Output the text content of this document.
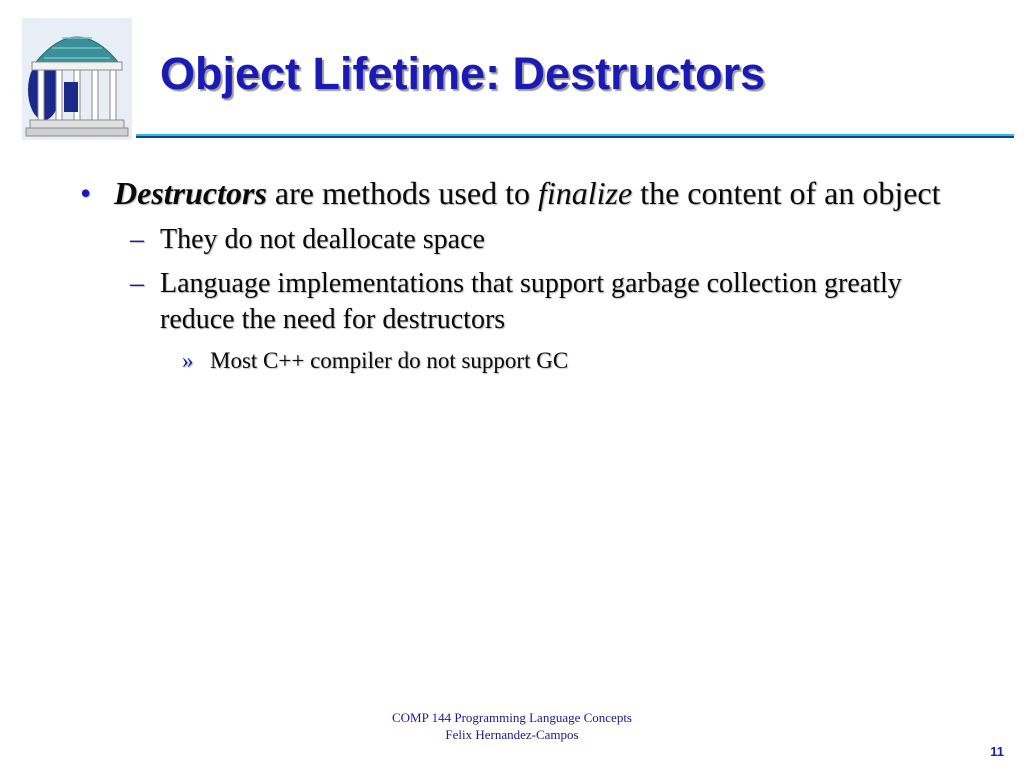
Object Lifetime: Destructors
• Destructors are methods used to finalize the content of an object
– They do not deallocate space
– Language implementations that support garbage collection greatly reduce the need for destructors
» Most C++ compiler do not support GC
COMP 144 Programming Language Concepts
Felix Hernandez-Campos
11
